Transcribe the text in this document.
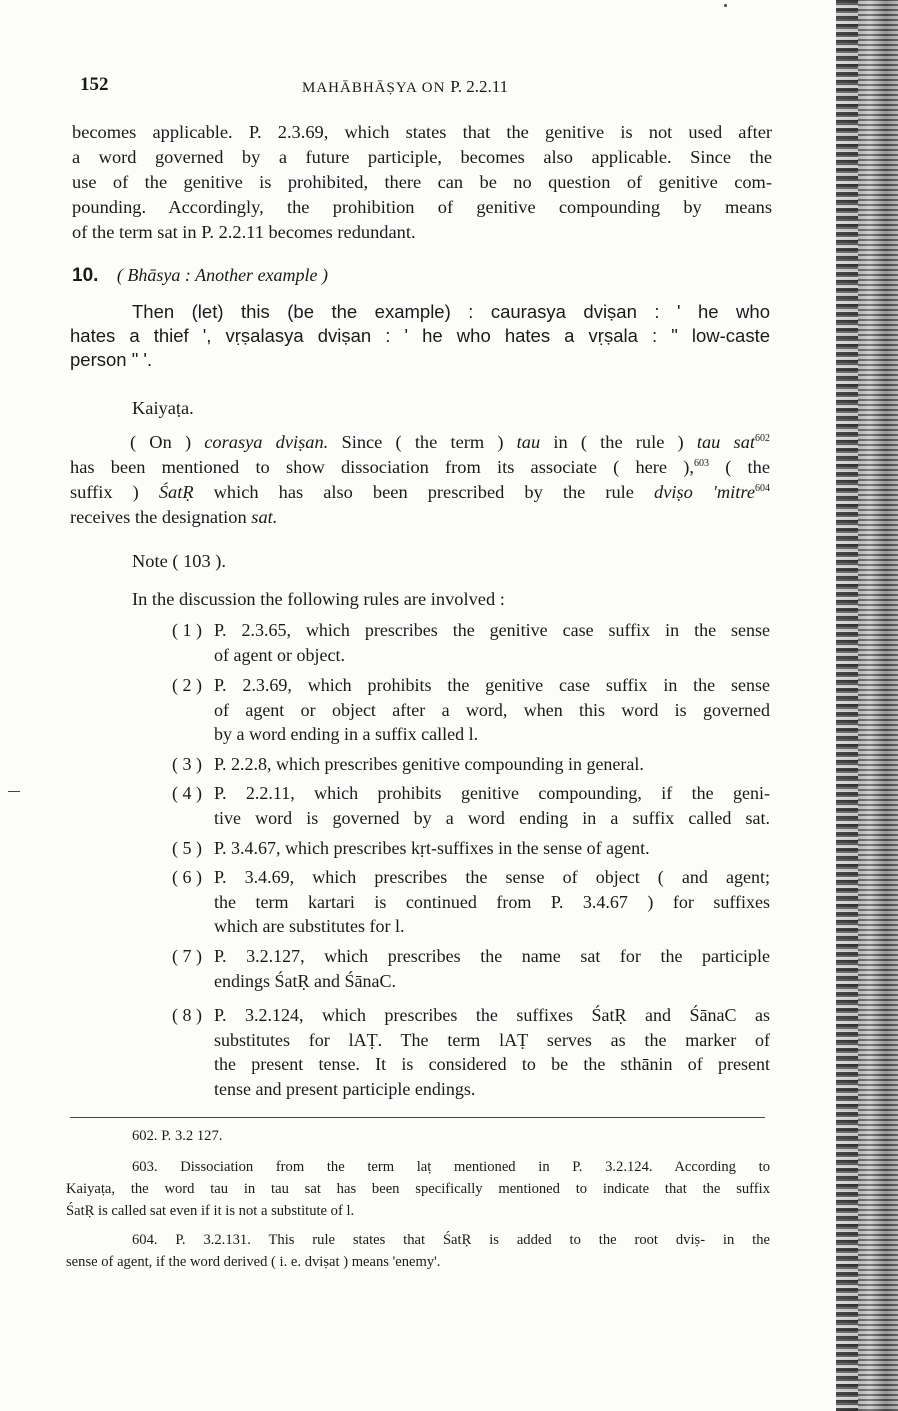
152	MAHĀBHĀṢYA ON P. 2.2.11
becomes applicable. P. 2.3.69, which states that the genitive is not used after
a word governed by a future participle, becomes also applicable. Since the
use of the genitive is prohibited, there can be no question of genitive com-
pounding. Accordingly, the prohibition of genitive compounding by means
of the term sat in P. 2.2.11 becomes redundant.
10. ( Bhāsya : Another example )
Then (let) this (be the example) : caurasya dviṣan : ' he who
hates a thief ', vṛṣalasya dviṣan : ' he who hates a vṛṣala : " low-caste
person " '.
Kaiyaṭa.
( On ) corasya dviṣan. Since ( the term ) tau in ( the rule ) tau sat$^{602}$
has been mentioned to show dissociation from its associate ( here ),$^{603}$ ( the
suffix ) ŚatṚ which has also been prescribed by the rule dviṣo 'mitre$^{604}$
receives the designation sat.
Note ( 103 ).
In the discussion the following rules are involved :
( 1 ) P. 2.3.65, which prescribes the genitive case suffix in the sense
of agent or object.
( 2 ) P. 2.3.69, which prohibits the genitive case suffix in the sense
of agent or object after a word, when this word is governed
by a word ending in a suffix called l.
( 3 ) P. 2.2.8, which prescribes genitive compounding in general.
( 4 ) P. 2.2.11, which prohibits genitive compounding, if the geni-
tive word is governed by a word ending in a suffix called sat.
( 5 ) P. 3.4.67, which prescribes kṛt-suffixes in the sense of agent.
( 6 ) P. 3.4.69, which prescribes the sense of object ( and agent;
the term kartari is continued from P. 3.4.67 ) for suffixes
which are substitutes for l.
( 7 ) P. 3.2.127, which prescribes the name sat for the participle
endings ŚatṚ and ŚānaC.
( 8 ) P. 3.2.124, which prescribes the suffixes ŚatṚ and ŚānaC as
substitutes for lAṬ. The term lAṬ serves as the marker of
the present tense. It is considered to be the sthānin of present
tense and present participle endings.
602. P. 3.2 127.
603. Dissociation from the term laṭ mentioned in P. 3.2.124. According to
Kaiyaṭa, the word tau in tau sat has been specifically mentioned to indicate that the suffix
ŚatṚ is called sat even if it is not a substitute of l.
604. P. 3.2.131. This rule states that ŚatṚ is added to the root dviṣ- in the
sense of agent, if the word derived ( i. e. dviṣat ) means 'enemy'.
